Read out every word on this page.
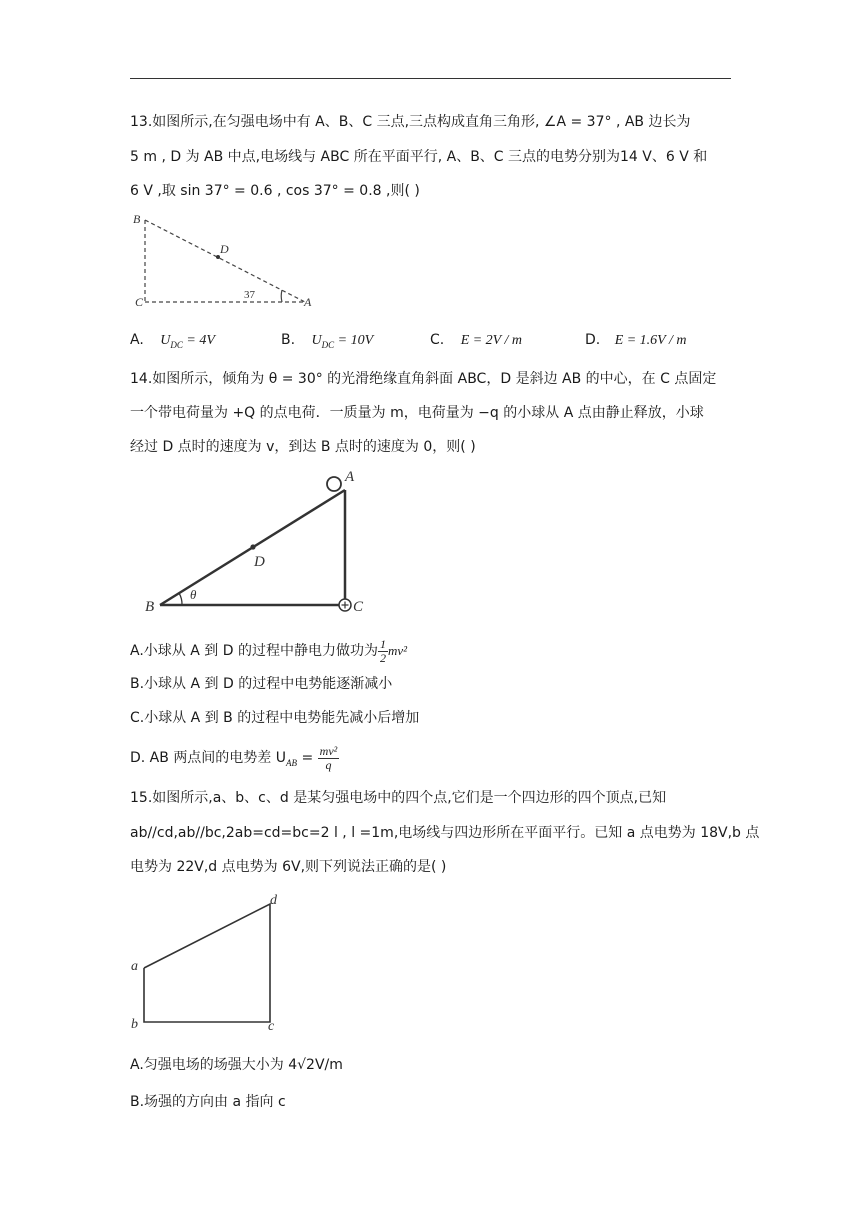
13.如图所示,在匀强电场中有 A、B、C 三点,三点构成直角三角形, ∠A = 37° , AB 边长为
5 m , D 为 AB 中点,电场线与 ABC 所在平面平行, A、B、C 三点的电势分别为14 V、6 V 和
6 V ,取 sin 37° = 0.6 , cos 37° = 0.8 ,则( )
B
D
C	A
37
A. $U_{DC} = 4V$	B. $U_{DC} = 10V$	C. E = 2V / m	D. E = 1.6V / m
14.如图所示，倾角为 θ = 30° 的光滑绝缘直角斜面 ABC，D 是斜边 AB 的中心，在 C 点固定
一个带电荷量为 +Q 的点电荷．一质量为 m，电荷量为 −q 的小球从 A 点由静止释放，小球
经过 D 点时的速度为 v，到达 B 点时的速度为 0，则( )
A
D
B	C
θ
A.小球从 A 到 D 的过程中静电力做功为 $\frac{1}{2} mv^2$
B.小球从 A 到 D 的过程中电势能逐渐减小
C.小球从 A 到 B 的过程中电势能先减小后增加
D. AB 两点间的电势差 $U_{AB} = \frac{\text{mv²}}{q}$
15.如图所示,a、b、c、d 是某匀强电场中的四个点,它们是一个四边形的四个顶点,已知
ab//cd,ab//bc,2ab=cd=bc=2 l , l =1m,电场线与四边形所在平面平行。已知 a 点电势为 18V,b 点
电势为 22V,d 点电势为 6V,则下列说法正确的是( )
a
b	c
d
A.匀强电场的场强大小为 4√2V/m
B.场强的方向由 a 指向 c
